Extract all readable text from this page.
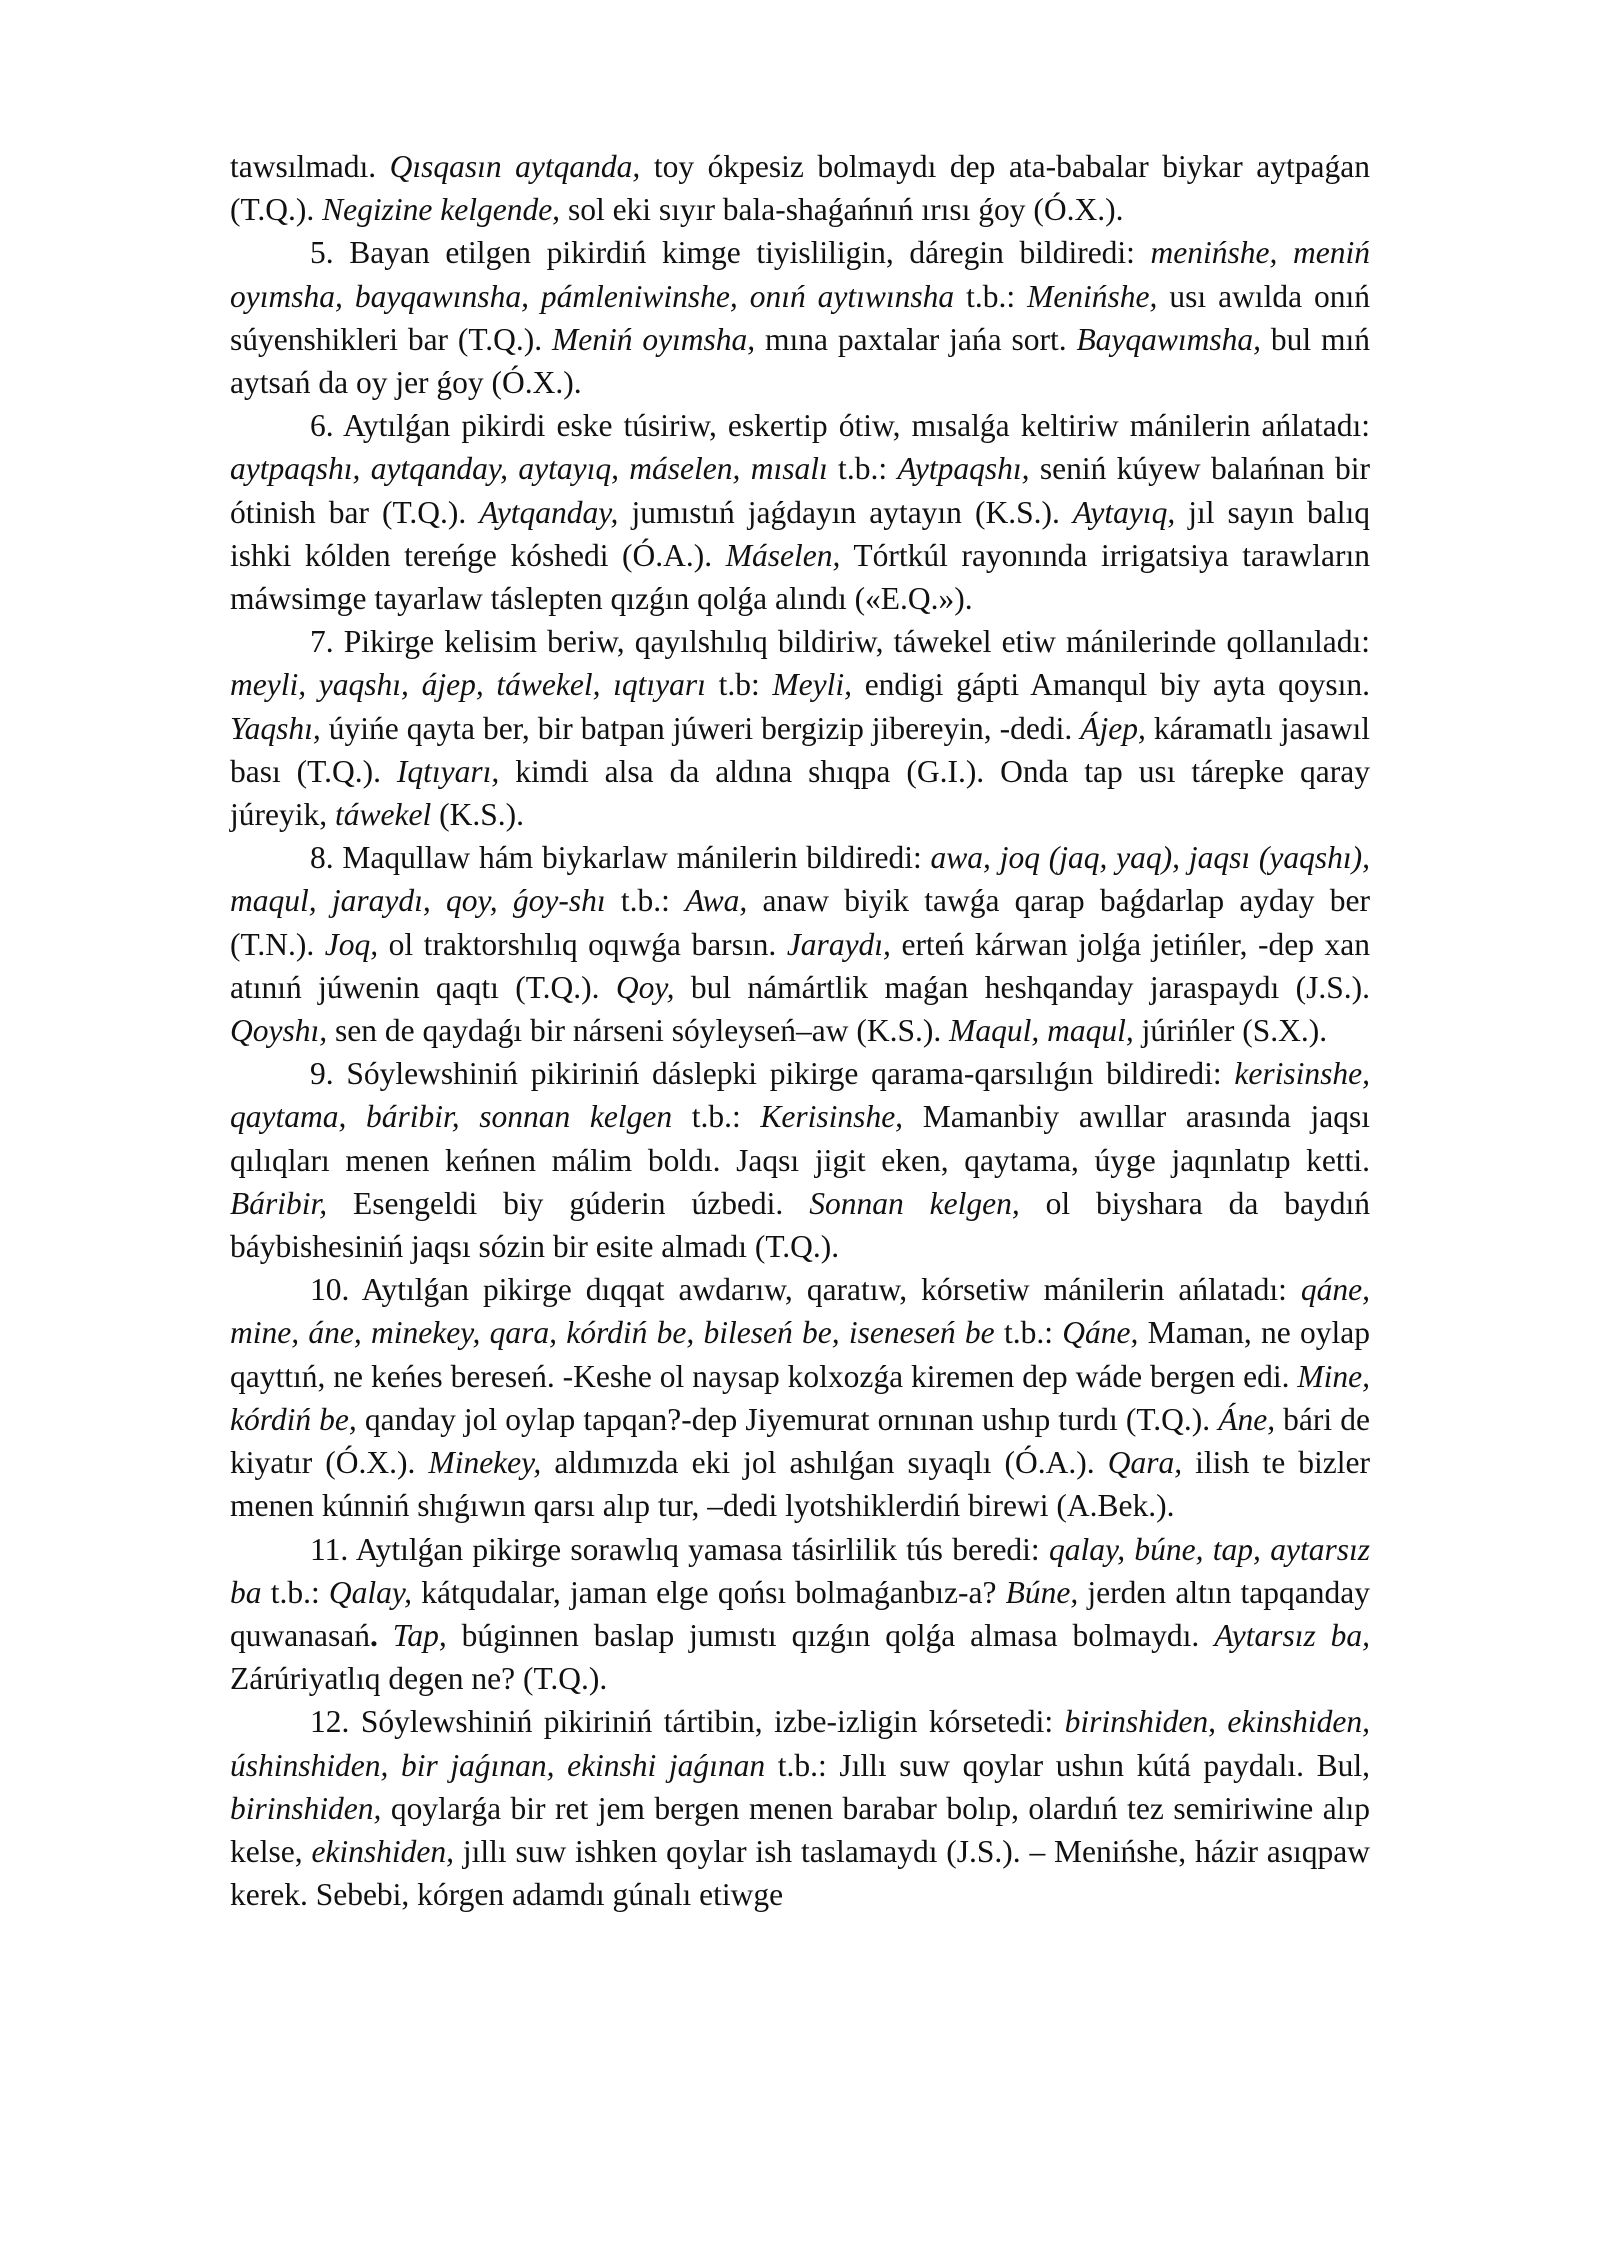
tawsılmadı. Qısqasın aytqanda, toy ókpesiz bolmaydı dep ata-babalar biykar aytpaǵan (T.Q.). Negizine kelgende, sol eki sıyır bala-shaǵańnıń ırısı ǵoy (Ó.X.).

5. Bayan etilgen pikirdiń kimge tiyisliligin, dáregin bildiredi: menińshe, meniń oyımsha, bayqawınsha, pámleniwinshe, onıń aytıwınsha t.b.: Menińshe, usı awılda onıń súyenshikleri bar (T.Q.). Meniń oyımsha, mına paxtalar jańa sort. Bayqawımsha, bul mıń aytsań da oy jer ǵoy (Ó.X.).

6. Aytılǵan pikirdi eske túsiriw, eskertip ótiw, mısalǵa keltiriw mánilerin ańlatadı: aytpaqshı, aytqanday, aytayıq, máselen, mısalı t.b.: Aytpaqshı, seniń kúyew balańnan bir ótinish bar (T.Q.). Aytqanday, jumıstıń jaǵdayın aytayın (K.S.). Aytayıq, jıl sayın balıq ishki kólden tereńge kóshedi (Ó.A.). Máselen, Tórtkúl rayonında irrigatsiya tarawların máwsimge tayarlaw táslepten qızǵın qolǵa alındı («E.Q.»).

7. Pikirge kelisim beriw, qayılshılıq bildiriw, táwekel etiw mánilerinde qollanıladı: meyli, yaqshı, ájep, táwekel, ıqtıyarı t.b: Meyli, endigi gápti Amanqul biy ayta qoysın. Yaqshı, úyińe qayta ber, bir batpan júweri bergizip jibereyin, -dedi. Ájep, káramatlı jasawıl bası (T.Q.). Iqtıyarı, kimdi alsa da aldına shıqpa (G.I.). Onda tap usı tárepke qaray júreyik, táwekel (K.S.).

8. Maqullaw hám biykarlaw mánilerin bildiredi: awa, joq (jaq, yaq), jaqsı (yaqshı), maqul, jaraydı, qoy, ǵoy-shı t.b.: Awa, anaw biyik tawǵa qarap baǵdarlap ayday ber (T.N.). Joq, ol traktorshılıq oqıwǵa barsın. Jaraydı, erteń kárwan jolǵa jetińler, -dep xan atınıń júwenin qaqtı (T.Q.). Qoy, bul námártlik maǵan heshqanday jaraspaydı (J.S.). Qoyshı, sen de qaydaǵı bir nárseni sóyleyseń–aw (K.S.). Maqul, maqul, júrińler (S.X.).

9. Sóylewshiniń pikiriniń dáslepki pikirge qarama-qarsılıǵın bildiredi: kerisinshe, qaytama, báribir, sonnan kelgen t.b.: Kerisinshe, Mamanbiy awıllar arasında jaqsı qılıqları menen keńnen málim boldı. Jaqsı jigit eken, qaytama, úyge jaqınlatıp ketti. Báribir, Esengeldi biy gúderin úzbedi. Sonnan kelgen, ol biyshara da baydıń báybishesiniń jaqsı sózin bir esite almadı (T.Q.).

10. Aytılǵan pikirge dıqqat awdarıw, qaratıw, kórsetiw mánilerin ańlatadı: qáne, mine, áne, minekey, qara, kórdiń be, bileseń be, iseneseń be t.b.: Qáne, Maman, ne oylap qayttıń, ne keńes bereseń. -Keshe ol naysap kolxozǵa kiremen dep wáde bergen edi. Mine, kórdiń be, qanday jol oylap tapqan?-dep Jiyemurat ornınan ushıp turdı (T.Q.). Áne, bári de kiyatır (Ó.X.). Minekey, aldımızda eki jol ashılǵan sıyaqlı (Ó.A.). Qara, ilish te bizler menen kúnniń shıǵıwın qarsı alıp tur, –dedi lyotshiklerdiń birewi (A.Bek.).

11. Aytılǵan pikirge sorawlıq yamasa tásirlilik tús beredi: qalay, búne, tap, aytarsız ba t.b.: Qalay, kátqudalar, jaman elge qońsı bolmaǵanbız-a? Búne, jerden altın tapqanday quwanasań. Tap, búginnen baslap jumıstı qızǵın qolǵa almasa bolmaydı. Aytarsız ba, Zárúriyatlıq degen ne? (T.Q.).

12. Sóylewshiniń pikiriniń tártibin, izbe-izligin kórsetedi: birinshiden, ekinshiden, úshinshiden, bir jaǵınan, ekinshi jaǵınan t.b.: Jıllı suw qoylar ushın kútá paydalı. Bul, birinshiden, qoylarǵa bir ret jem bergen menen barabar bolıp, olardıń tez semiriwine alıp kelse, ekinshiden, jıllı suw ishken qoylar ish taslamaydı (J.S.). – Menińshe, házir asıqpaw kerek. Sebebi, kórgen adamdı gúnalı etiwge
